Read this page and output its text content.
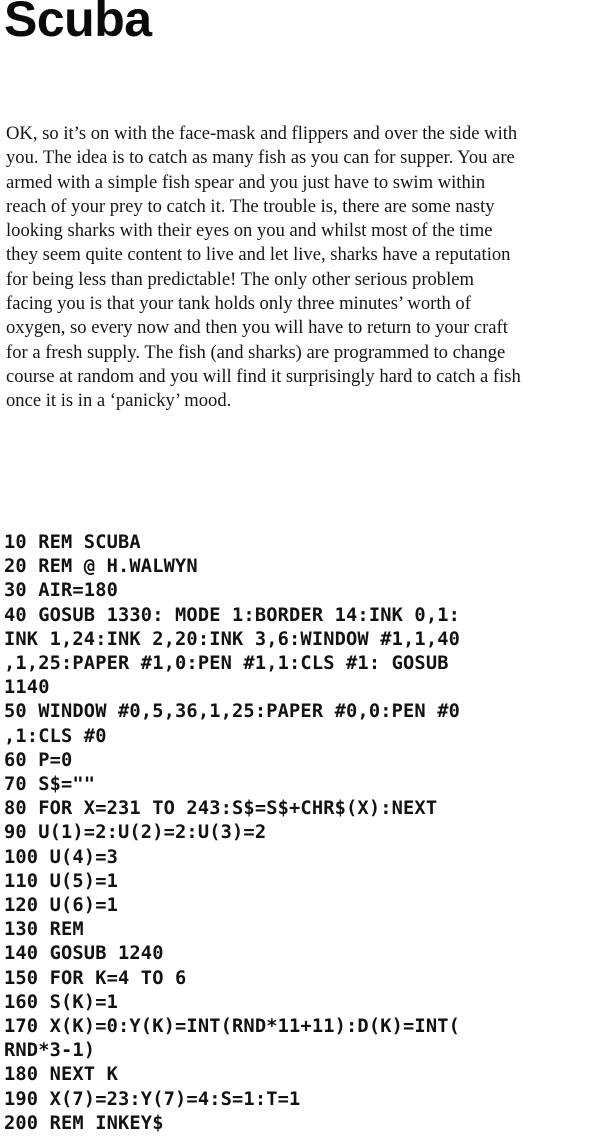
Scuba
OK, so it’s on with the face-mask and flippers and over the side with
you. The idea is to catch as many fish as you can for supper. You are
armed with a simple fish spear and you just have to swim within
reach of your prey to catch it. The trouble is, there are some nasty
looking sharks with their eyes on you and whilst most of the time
they seem quite content to live and let live, sharks have a reputation
for being less than predictable! The only other serious problem
facing you is that your tank holds only three minutes’ worth of
oxygen, so every now and then you will have to return to your craft
for a fresh supply. The fish (and sharks) are programmed to change
course at random and you will find it surprisingly hard to catch a fish
once it is in a ‘panicky’ mood.
10 REM SCUBA
20 REM @ H.WALWYN
30 AIR=180
40 GOSUB 1330: MODE 1:BORDER 14:INK 0,1:
INK 1,24:INK 2,20:INK 3,6:WINDOW #1,1,40
,1,25:PAPER #1,0:PEN #1,1:CLS #1: GOSUB
1140
50 WINDOW #0,5,36,1,25:PAPER #0,0:PEN #0
,1:CLS #0
60 P=0
70 S$=""
80 FOR X=231 TO 243:S$=S$+CHR$(X):NEXT
90 U(1)=2:U(2)=2:U(3)=2
100 U(4)=3
110 U(5)=1
120 U(6)=1
130 REM
140 GOSUB 1240
150 FOR K=4 TO 6
160 S(K)=1
170 X(K)=0:Y(K)=INT(RND*11+11):D(K)=INT(
RND*3-1)
180 NEXT K
190 X(7)=23:Y(7)=4:S=1:T=1
200 REM INKEY$
